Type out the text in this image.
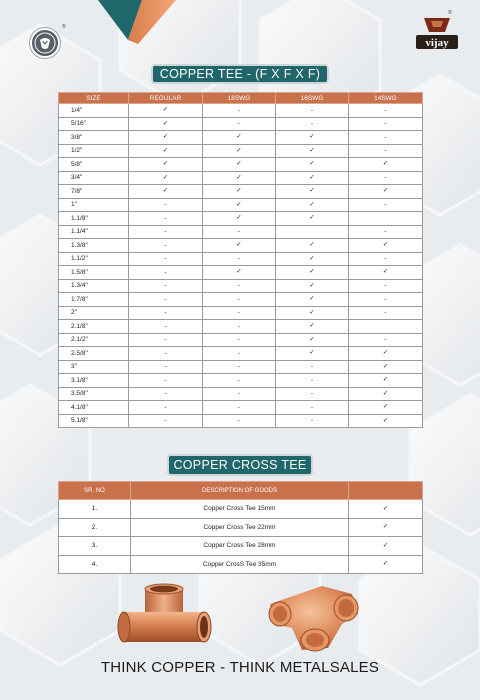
®
vijay
®
COPPER TEE - (F X F X F)
SIZE	REGULAR	18SWG	16SWG	14SWG
1/4"	✓	-	-	-
5/16"	✓	-	-	-
3/8"	✓	✓	✓	-
1/2"	✓	✓	✓	-
5/8"	✓	✓	✓	✓
3/4"	✓	✓	✓	-
7/8"	✓	✓	✓	✓
1"	-	✓	✓	-
1.1/8"	-	✓	✓	
1.1/4"	-	-		-
1.3/8"	-	✓	✓	✓
1.1/2"	-	-	✓	-
1.5/8"	-	✓	✓	✓
1.3/4"	-	-	✓	-
1.7/8"	-	-	✓	-
2"	-	-	✓	-
2.1/8"	-	-	✓	
2.1/2"	-	-	✓	-
2.5/8"	-	-	✓	✓
3"	-	-	-	✓
3.1/8"	-	-	-	✓
3.5/8"	-	-	-	✓
4.1/8"	-	-	-	✓
5.1/8"	-	-	-	✓
COPPER CROSS TEE
SR. NO	DESCRIPTION OF GOODS	
1.	Copper Cross Tee 15mm	✓
2.	Copper Cross Tee 22mm	✓
3.	Copper Cross Tee 28mm	✓
4.	Copper CrosS Tee 35mm	✓
THINK COPPER - THINK METALSALES
